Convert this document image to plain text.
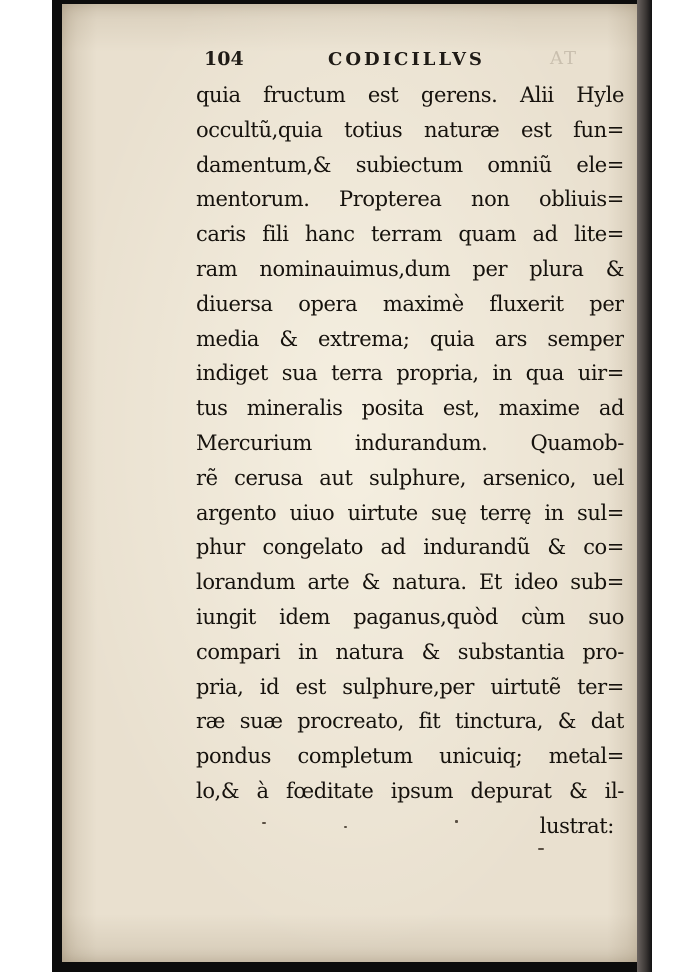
104	CODICILLVS	AT
quia fructum est gerens. Alii Hyle
occultũ,quia totius naturæ est fun=
damentum,& subiectum omniũ ele=
mentorum. Propterea non obliuis=
caris fili hanc terram quam ad lite=
ram nominauimus,dum per plura &
diuersa opera maximè fluxerit per
media & extrema; quia ars semper
indiget sua terra propria, in qua uir=
tus mineralis posita est, maxime ad
Mercurium indurandum. Quamob-
rẽ cerusa aut sulphure, arsenico, uel
argento uiuo uirtute suę terrę in sul=
phur congelato ad indurandũ & co=
lorandum arte & natura. Et ideo sub=
iungit idem paganus,quòd cùm suo
compari in natura & substantia pro-
pria, id est sulphure,per uirtutẽ ter=
ræ suæ procreato, fit tinctura, & dat
pondus completum unicuiq; metal=
lo,& à fœditate ipsum depurat & il-
lustrat:
